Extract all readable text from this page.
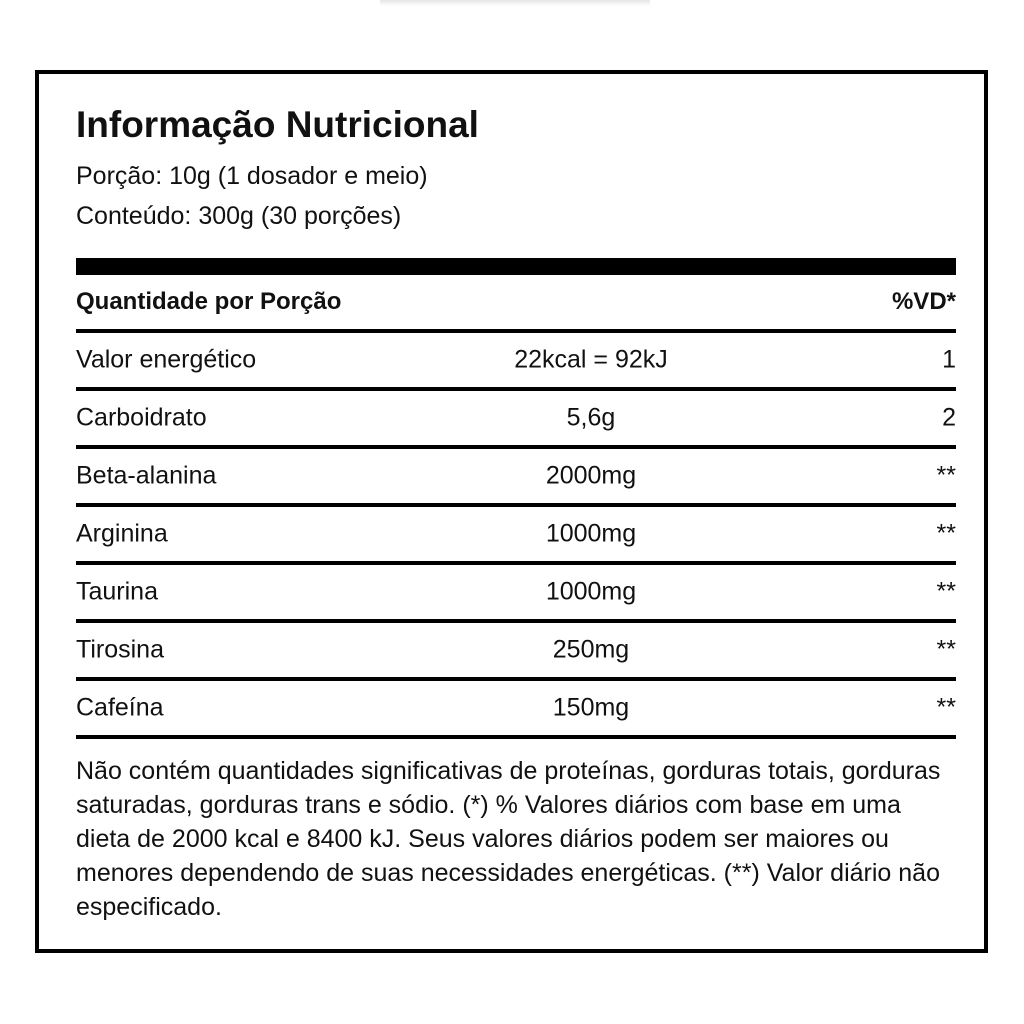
Informação Nutricional
Porção: 10g (1 dosador e meio)
Conteúdo: 300g (30 porções)
Quantidade por Porção	%VD*
Valor energético	22kcal = 92kJ	1
Carboidrato	5,6g	2
Beta-alanina	2000mg	**
Arginina	1000mg	**
Taurina	1000mg	**
Tirosina	250mg	**
Cafeína	150mg	**
Não contém quantidades significativas de proteínas, gorduras totais, gorduras saturadas, gorduras trans e sódio. (*) % Valores diários com base em uma dieta de 2000 kcal e 8400 kJ. Seus valores diários podem ser maiores ou menores dependendo de suas necessidades energéticas. (**) Valor diário não especificado.
